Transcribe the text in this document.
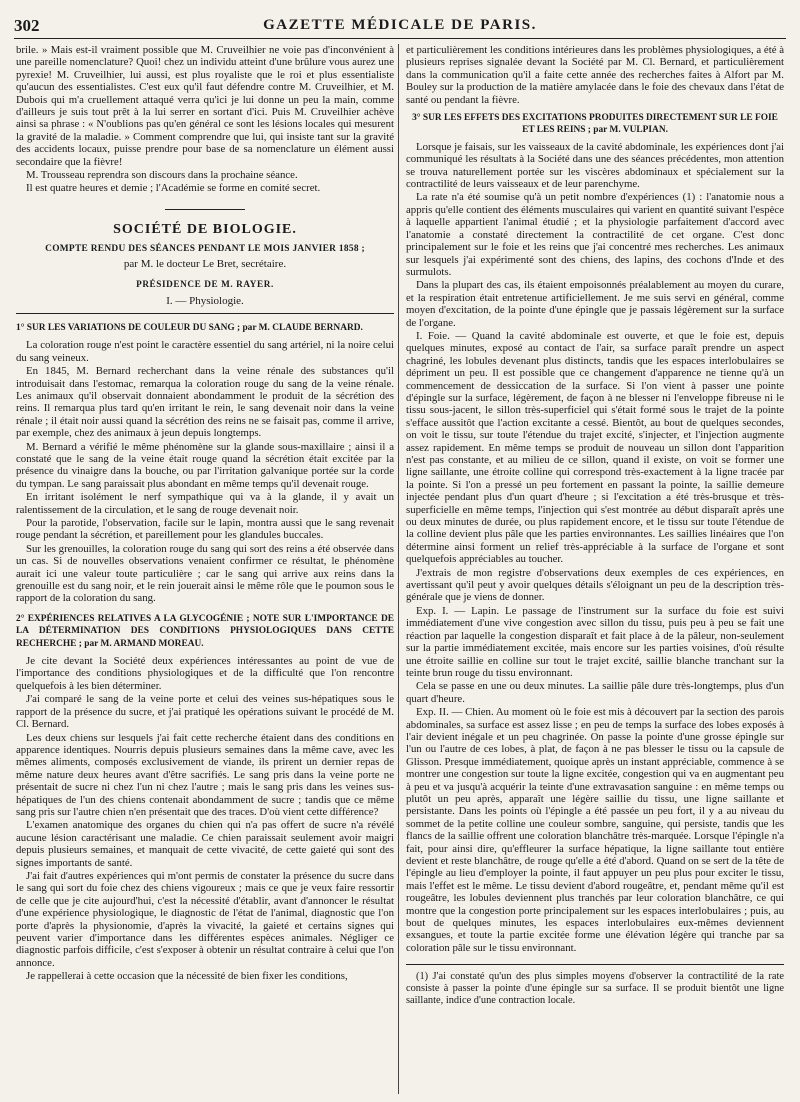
302	GAZETTE MÉDICALE DE PARIS.

brile. » Mais est-il vraiment possible que M. Cruveilhier ne voie pas d'inconvénient à une pareille nomenclature? Quoi! chez un individu atteint d'une brûlure vous aurez une pyrexie! M. Cruveilhier, lui aussi, est plus royaliste que le roi et plus essentialiste qu'aucun des essentialistes. C'est eux qu'il faut défendre contre M. Cruveilhier, et M. Dubois qui m'a cruellement attaqué verra qu'ici je lui donne un peu la main, comme d'ailleurs je suis tout prêt à la lui serrer en sortant d'ici. Puis M. Cruveilhier achève ainsi sa phrase : « N'oublions pas qu'en général ce sont les lésions locales qui mesurent la gravité de la maladie. » Comment comprendre que lui, qui insiste tant sur la gravité des accidents locaux, puisse prendre pour base de sa nomenclature un élément aussi secondaire que la fièvre!

M. Trousseau reprendra son discours dans la prochaine séance.

Il est quatre heures et demie ; l'Académie se forme en comité secret.

SOCIÉTÉ DE BIOLOGIE.
COMPTE RENDU DES SÉANCES PENDANT LE MOIS JANVIER 1858 ;
par M. le docteur Le Bret, secrétaire.
PRÉSIDENCE DE M. RAYER.
I. — Physiologie.
1° SUR LES VARIATIONS DE COULEUR DU SANG ; par M. CLAUDE BERNARD.

La coloration rouge n'est point le caractère essentiel du sang artériel, ni la noire celui du sang veineux.

En 1845, M. Bernard recherchant dans la veine rénale des substances qu'il introduisait dans l'estomac, remarqua la coloration rouge du sang de la veine rénale. Les animaux qu'il observait donnaient abondamment le produit de la sécrétion des reins. Il remarqua plus tard qu'en irritant le rein, le sang devenait noir dans la veine rénale ; il était noir aussi quand la sécrétion des reins ne se faisait pas, comme il arrive, par exemple, chez des animaux à jeun depuis longtemps.

M. Bernard a vérifié le même phénomène sur la glande sous-maxillaire ; ainsi il a constaté que le sang de la veine était rouge quand la sécrétion était excitée par la présence du vinaigre dans la bouche, ou par l'irritation galvanique portée sur la corde du tympan. Le sang paraissait plus abondant en même temps qu'il devenait rouge.

En irritant isolément le nerf sympathique qui va à la glande, il y avait un ralentissement de la circulation, et le sang de rouge devenait noir.

Pour la parotide, l'observation, facile sur le lapin, montra aussi que le sang revenait rouge pendant la sécrétion, et pareillement pour les glandules buccales.

Sur les grenouilles, la coloration rouge du sang qui sort des reins a été observée dans un cas. Si de nouvelles observations venaient confirmer ce résultat, le phénomène aurait ici une valeur toute particulière ; car le sang qui arrive aux reins dans la grenouille est du sang noir, et le rein jouerait ainsi le même rôle que le poumon sous le rapport de la coloration du sang.

2° EXPÉRIENCES RELATIVES A LA GLYCOGÉNIE ; NOTE SUR L'IMPORTANCE DE LA DÉTERMINATION DES CONDITIONS PHYSIOLOGIQUES DANS CETTE RECHERCHE ; par M. ARMAND MOREAU.

Je cite devant la Société deux expériences intéressantes au point de vue de l'importance des conditions physiologiques et de la difficulté que l'on rencontre quelquefois à les bien déterminer.

J'ai comparé le sang de la veine porte et celui des veines sus-hépatiques sous le rapport de la présence du sucre, et j'ai pratiqué les opérations suivant le procédé de M. Cl. Bernard.

Les deux chiens sur lesquels j'ai fait cette recherche étaient dans des conditions en apparence identiques. Nourris depuis plusieurs semaines dans la même cave, avec les mêmes aliments, composés exclusivement de viande, ils prirent un dernier repas de même nature deux heures avant d'être sacrifiés. Le sang pris dans la veine porte ne présentait de sucre ni chez l'un ni chez l'autre ; mais le sang pris dans les veines sus-hépatiques de l'un des chiens contenait abondamment de sucre ; tandis que ce même sang pris sur l'autre chien n'en présentait que des traces. D'où vient cette différence?

L'examen anatomique des organes du chien qui n'a pas offert de sucre n'a révélé aucune lésion caractérisant une maladie. Ce chien paraissait seulement avoir maigri depuis plusieurs semaines, et manquait de cette vivacité, de cette gaieté qui sont des signes importants de santé.

J'ai fait d'autres expériences qui m'ont permis de constater la présence du sucre dans le sang qui sort du foie chez des chiens vigoureux ; mais ce que je veux faire ressortir de celle que je cite aujourd'hui, c'est la nécessité d'établir, avant d'annoncer le résultat d'une expérience physiologique, le diagnostic de l'état de l'animal, diagnostic que l'on porte d'après la physionomie, d'après la vivacité, la gaieté et certains signes qui peuvent varier d'importance dans les différentes espèces animales. Négliger ce diagnostic parfois difficile, c'est s'exposer à obtenir un résultat contraire à celui que l'on annonce.

Je rappellerai à cette occasion que la nécessité de bien fixer les conditions,

et particulièrement les conditions intérieures dans les problèmes physiologiques, a été à plusieurs reprises signalée devant la Société par M. Cl. Bernard, et particulièrement dans la communication qu'il a faite cette année des recherches faites à Alfort par M. Bouley sur la production de la matière amylacée dans le foie des chevaux dans l'état de santé ou pendant la fièvre.

3° SUR LES EFFETS DES EXCITATIONS PRODUITES DIRECTEMENT SUR LE FOIE ET LES REINS ; par M. VULPIAN.

Lorsque je faisais, sur les vaisseaux de la cavité abdominale, les expériences dont j'ai communiqué les résultats à la Société dans une des séances précédentes, mon attention se trouva naturellement portée sur les viscères abdominaux et spécialement sur la contractilité de leurs vaisseaux et de leur parenchyme.

La rate n'a été soumise qu'à un petit nombre d'expériences (1) : l'anatomie nous a appris qu'elle contient des éléments musculaires qui varient en quantité suivant l'espèce à laquelle appartient l'animal étudié ; et la physiologie parfaitement d'accord avec l'anatomie a constaté directement la contractilité de cet organe. C'est donc principalement sur le foie et les reins que j'ai concentré mes recherches. Les animaux sur lesquels j'ai expérimenté sont des chiens, des lapins, des cochons d'Inde et des surmulots.

Dans la plupart des cas, ils étaient empoisonnés préalablement au moyen du curare, et la respiration était entretenue artificiellement. Je me suis servi en général, comme moyen d'excitation, de la pointe d'une épingle que je passais légèrement sur la surface de l'organe.

I. Foie. — Quand la cavité abdominale est ouverte, et que le foie est, depuis quelques minutes, exposé au contact de l'air, sa surface paraît prendre un aspect chagriné, les lobules devenant plus distincts, tandis que les espaces interlobulaires se dépriment un peu. Il est possible que ce changement d'apparence ne tienne qu'à un commencement de dessiccation de la surface. Si l'on vient à passer une pointe d'épingle sur la surface, légèrement, de façon à ne blesser ni l'enveloppe fibreuse ni le tissu sous-jacent, le sillon très-superficiel qui s'était formé sous le trajet de la pointe s'efface aussitôt que l'action excitante a cessé. Bientôt, au bout de quelques secondes, on voit le tissu, sur toute l'étendue du trajet excité, s'injecter, et l'injection augmente assez rapidement. En même temps se produit de nouveau un sillon dont l'apparition n'est pas constante, et au milieu de ce sillon, quand il existe, on voit se former une ligne saillante, une étroite colline qui correspond très-exactement à la ligne tracée par la pointe. Si l'on a pressé un peu fortement en passant la pointe, la saillie demeure injectée pendant plus d'un quart d'heure ; si l'excitation a été très-brusque et très-superficielle en même temps, l'injection qui s'est montrée au début disparaît après une ou deux minutes de durée, ou plus rapidement encore, et le tissu sur toute l'étendue de la colline devient plus pâle que les parties environnantes. Les saillies linéaires que l'on détermine ainsi forment un relief très-appréciable à la surface de l'organe et sont quelquefois appréciables au toucher.

J'extrais de mon registre d'observations deux exemples de ces expériences, en avertissant qu'il peut y avoir quelques détails s'éloignant un peu de la description très-générale que je viens de donner.

Exp. I. — Lapin. Le passage de l'instrument sur la surface du foie est suivi immédiatement d'une vive congestion avec sillon du tissu, puis peu à peu se fait une réaction par laquelle la congestion disparaît et fait place à de la pâleur, non-seulement sur la partie immédiatement excitée, mais encore sur les parties voisines, d'où résulte une étroite saillie en colline sur tout le trajet excité, saillie blanche tranchant sur la teinte brun rouge du tissu environnant.

Cela se passe en une ou deux minutes. La saillie pâle dure très-longtemps, plus d'un quart d'heure.

Exp. II. — Chien. Au moment où le foie est mis à découvert par la section des parois abdominales, sa surface est assez lisse ; en peu de temps la surface des lobes exposés à l'air devient inégale et un peu chagrinée. On passe la pointe d'une grosse épingle sur l'un ou l'autre de ces lobes, à plat, de façon à ne pas blesser le tissu ou la capsule de Glisson. Presque immédiatement, quoique après un instant appréciable, commence à se montrer une congestion sur toute la ligne excitée, congestion qui va en augmentant peu à peu et va jusqu'à acquérir la teinte d'une extravasation sanguine : en même temps ou plutôt un peu après, apparaît une légère saillie du tissu, une ligne saillante et persistante. Dans les points où l'épingle a été passée un peu fort, il y a au niveau du sommet de la petite colline une couleur sombre, sanguine, qui persiste, tandis que les flancs de la saillie offrent une coloration blanchâtre très-marquée. Lorsque l'épingle n'a fait, pour ainsi dire, qu'effleurer la surface hépatique, la ligne saillante tout entière devient et reste blanchâtre, de rouge qu'elle a été d'abord. Quand on se sert de la tête de l'épingle au lieu d'employer la pointe, il faut appuyer un peu plus pour exciter le tissu, mais l'effet est le même. Le tissu devient d'abord rougeâtre, et, pendant même qu'il est rougeâtre, les lobules deviennent plus tranchés par leur coloration blanchâtre, ce qui montre que la congestion porte principalement sur les espaces interlobulaires ; puis, au bout de quelques minutes, les espaces interlobulaires eux-mêmes deviennent exsangues, et toute la partie excitée forme une élévation légère qui tranche par sa coloration pâle sur le tissu environnant.

(1) J'ai constaté qu'un des plus simples moyens d'observer la contractilité de la rate consiste à passer la pointe d'une épingle sur sa surface. Il se produit bientôt une ligne saillante, indice d'une contraction locale.
